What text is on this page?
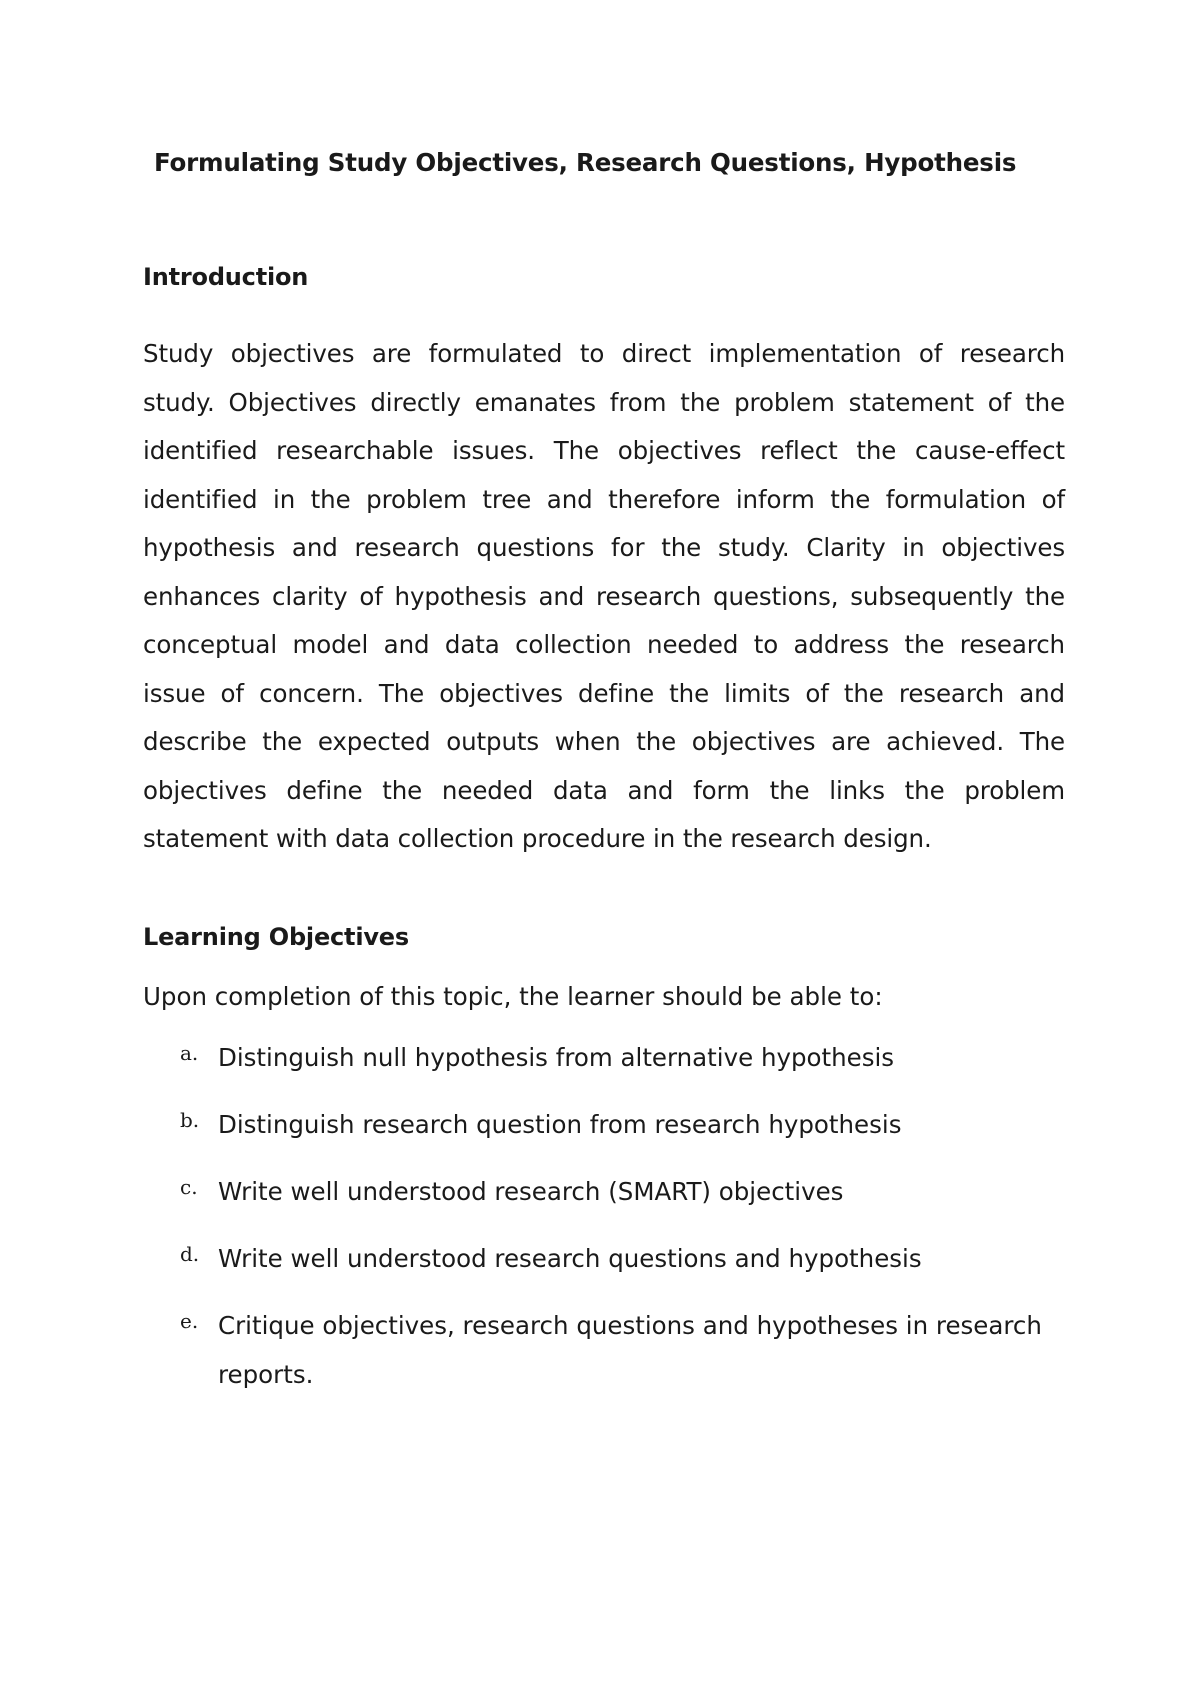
Formulating Study Objectives, Research Questions, Hypothesis
Introduction

Study objectives are formulated to direct implementation of research study. Objectives directly emanates from the problem statement of the identified researchable issues. The objectives reflect the cause-effect identified in the problem tree and therefore inform the formulation of hypothesis and research questions for the study. Clarity in objectives enhances clarity of hypothesis and research questions, subsequently the conceptual model and data collection needed to address the research issue of concern. The objectives define the limits of the research and describe the expected outputs when the objectives are achieved. The objectives define the needed data and form the links the problem statement with data collection procedure in the research design.

Learning Objectives

Upon completion of this topic, the learner should be able to:

a. Distinguish null hypothesis from alternative hypothesis
b. Distinguish research question from research hypothesis
c. Write well understood research (SMART) objectives
d. Write well understood research questions and hypothesis
e. Critique objectives, research questions and hypotheses in research reports.
